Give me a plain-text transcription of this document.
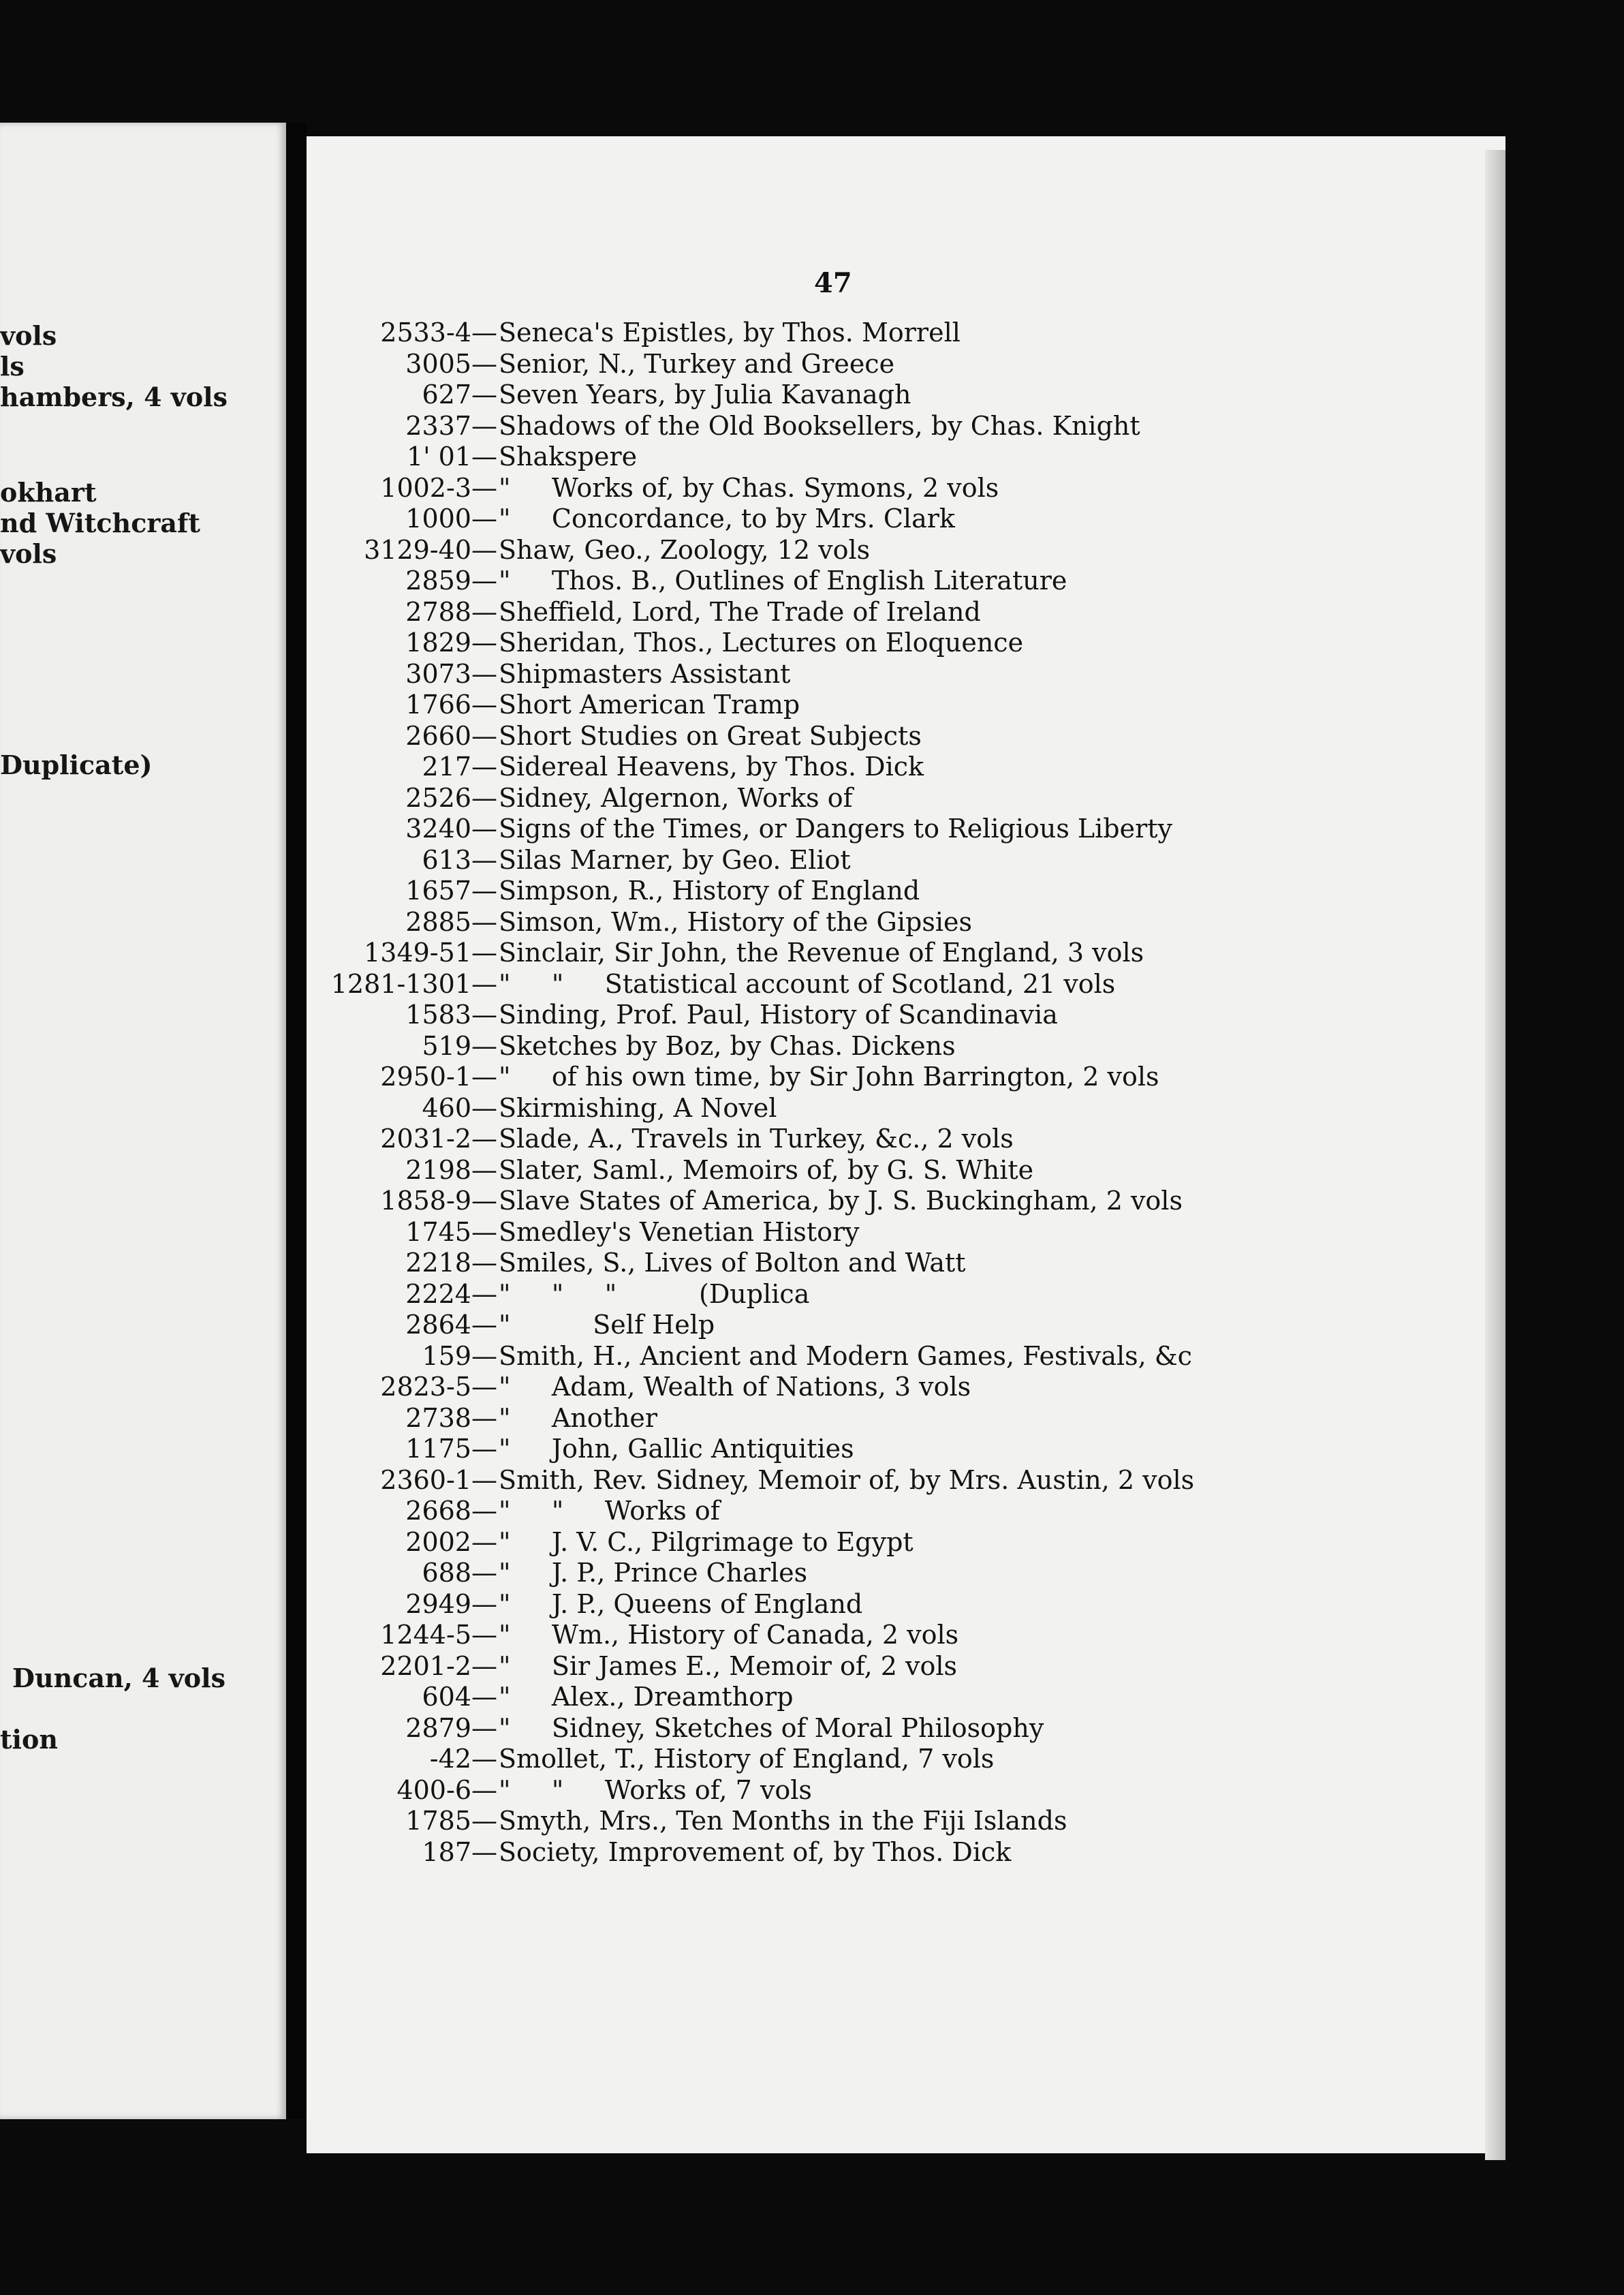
vols
ls
hambers, 4 vols
okhart
nd Witchcraft
vols
Duplicate)
Duncan, 4 vols
tion
47
2533-4— Seneca's Epistles, by Thos. Morrell
3005— Senior, N., Turkey and Greece
627— Seven Years, by Julia Kavanagh
2337— Shadows of the Old Booksellers, by Chas. Knight
1' 01— Shakspere
1002-3— "     Works of, by Chas. Symons, 2 vols
1000— "     Concordance, to by Mrs. Clark
3129-40— Shaw, Geo., Zoology, 12 vols
2859— "     Thos. B., Outlines of English Literature
2788— Sheffield, Lord, The Trade of Ireland
1829— Sheridan, Thos., Lectures on Eloquence
3073— Shipmasters Assistant
1766— Short American Tramp
2660— Short Studies on Great Subjects
217— Sidereal Heavens, by Thos. Dick
2526— Sidney, Algernon, Works of
3240— Signs of the Times, or Dangers to Religious Liberty
613— Silas Marner, by Geo. Eliot
1657— Simpson, R., History of England
2885— Simson, Wm., History of the Gipsies
1349-51— Sinclair, Sir John, the Revenue of England, 3 vols
1281-1301— "     "     Statistical account of Scotland, 21 vols
1583— Sinding, Prof. Paul, History of Scandinavia
519— Sketches by Boz, by Chas. Dickens
2950-1— "     of his own time, by Sir John Barrington, 2 vols
460— Skirmishing, A Novel
2031-2— Slade, A., Travels in Turkey, &c., 2 vols
2198— Slater, Saml., Memoirs of, by G. S. White
1858-9— Slave States of America, by J. S. Buckingham, 2 vols
1745— Smedley's Venetian History
2218— Smiles, S., Lives of Bolton and Watt
2224— "     "     "          (Duplica
2864— "          Self Help
159— Smith, H., Ancient and Modern Games, Festivals, &c
2823-5— "     Adam, Wealth of Nations, 3 vols
2738— "     Another
1175— "     John, Gallic Antiquities
2360-1— Smith, Rev. Sidney, Memoir of, by Mrs. Austin, 2 vols
2668— "     "     Works of
2002— "     J. V. C., Pilgrimage to Egypt
688— "     J. P., Prince Charles
2949— "     J. P., Queens of England
1244-5— "     Wm., History of Canada, 2 vols
2201-2— "     Sir James E., Memoir of, 2 vols
604— "     Alex., Dreamthorp
2879— "     Sidney, Sketches of Moral Philosophy
-42— Smollet, T., History of England, 7 vols
400-6— "     "     Works of, 7 vols
1785— Smyth, Mrs., Ten Months in the Fiji Islands
187— Society, Improvement of, by Thos. Dick
